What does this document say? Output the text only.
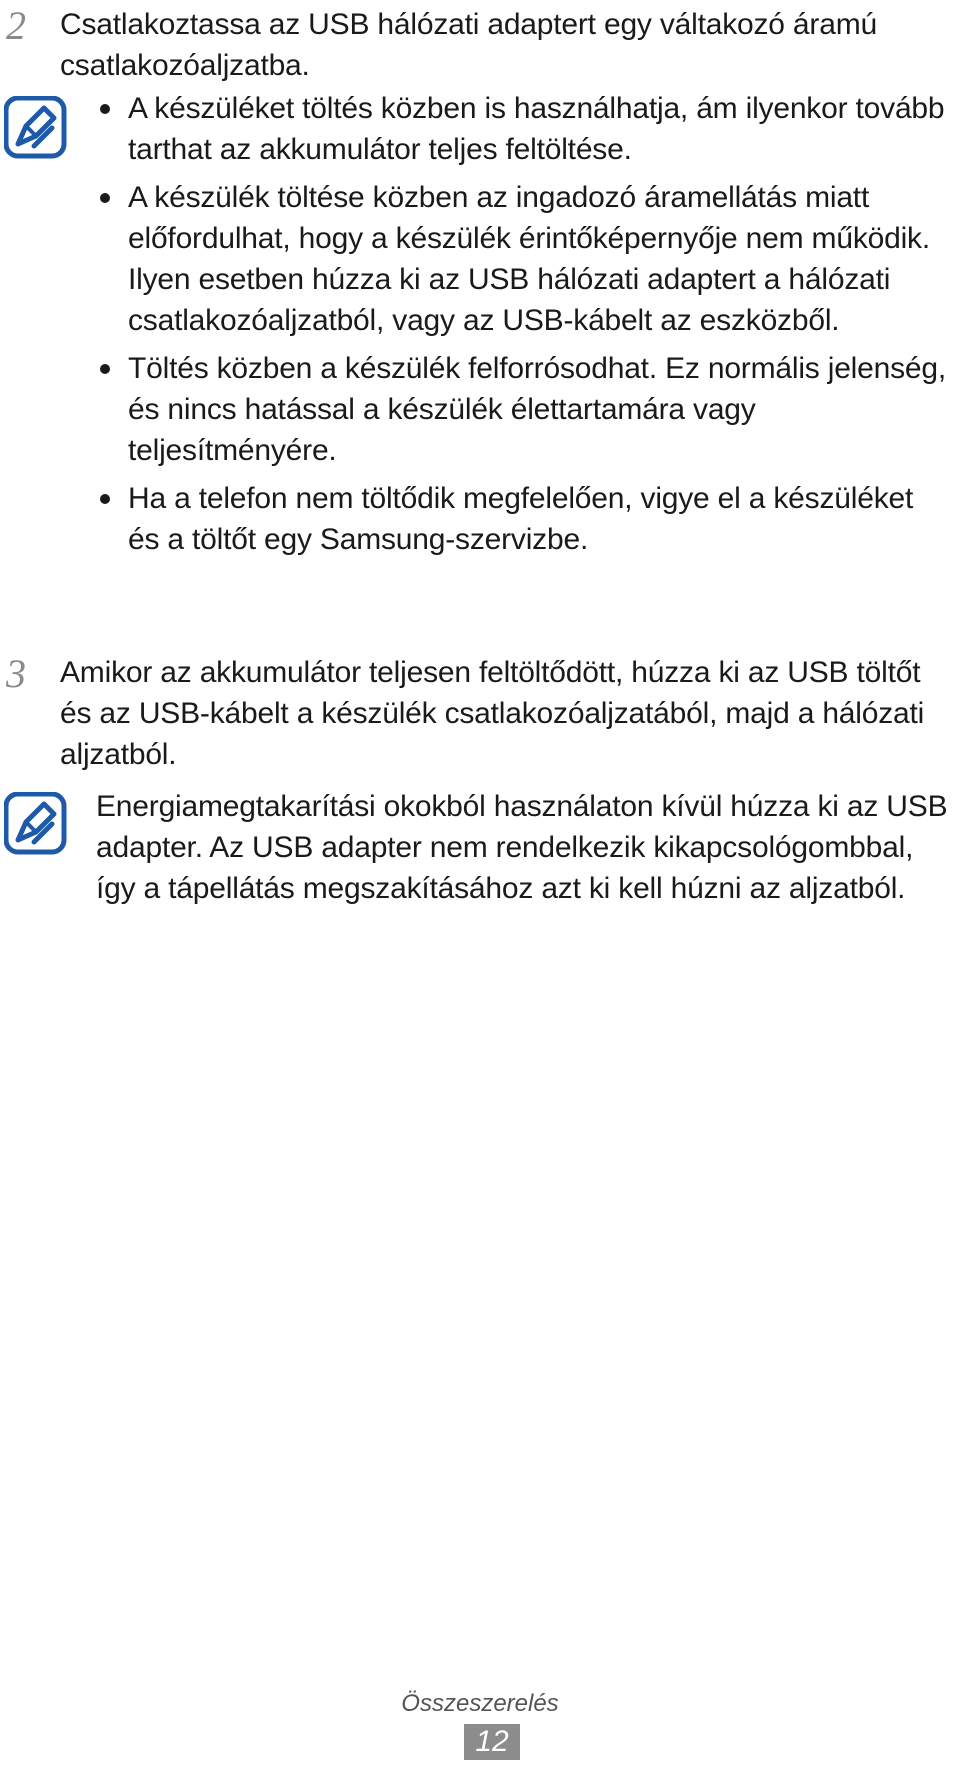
2 Csatlakoztassa az USB hálózati adaptert egy váltakozó áramú csatlakozóaljzatba.
A készüléket töltés közben is használhatja, ám ilyenkor tovább tarthat az akkumulátor teljes feltöltése.
A készülék töltése közben az ingadozó áramellátás miatt előfordulhat, hogy a készülék érintőképernyője nem működik. Ilyen esetben húzza ki az USB hálózati adaptert a hálózati csatlakozóaljzatból, vagy az USB-kábelt az eszközből.
Töltés közben a készülék felforrósodhat. Ez normális jelenség, és nincs hatással a készülék élettartamára vagy teljesítményére.
Ha a telefon nem töltődik megfelelően, vigye el a készüléket és a töltőt egy Samsung-szervizbe.
3 Amikor az akkumulátor teljesen feltöltődött, húzza ki az USB töltőt és az USB-kábelt a készülék csatlakozóaljzatából, majd a hálózati aljzatból.
Energiamegtakarítási okokból használaton kívül húzza ki az USB adapter. Az USB adapter nem rendelkezik kikapcsológombbal, így a tápellátás megszakításához azt ki kell húzni az aljzatból.
Összeszerelés
12
